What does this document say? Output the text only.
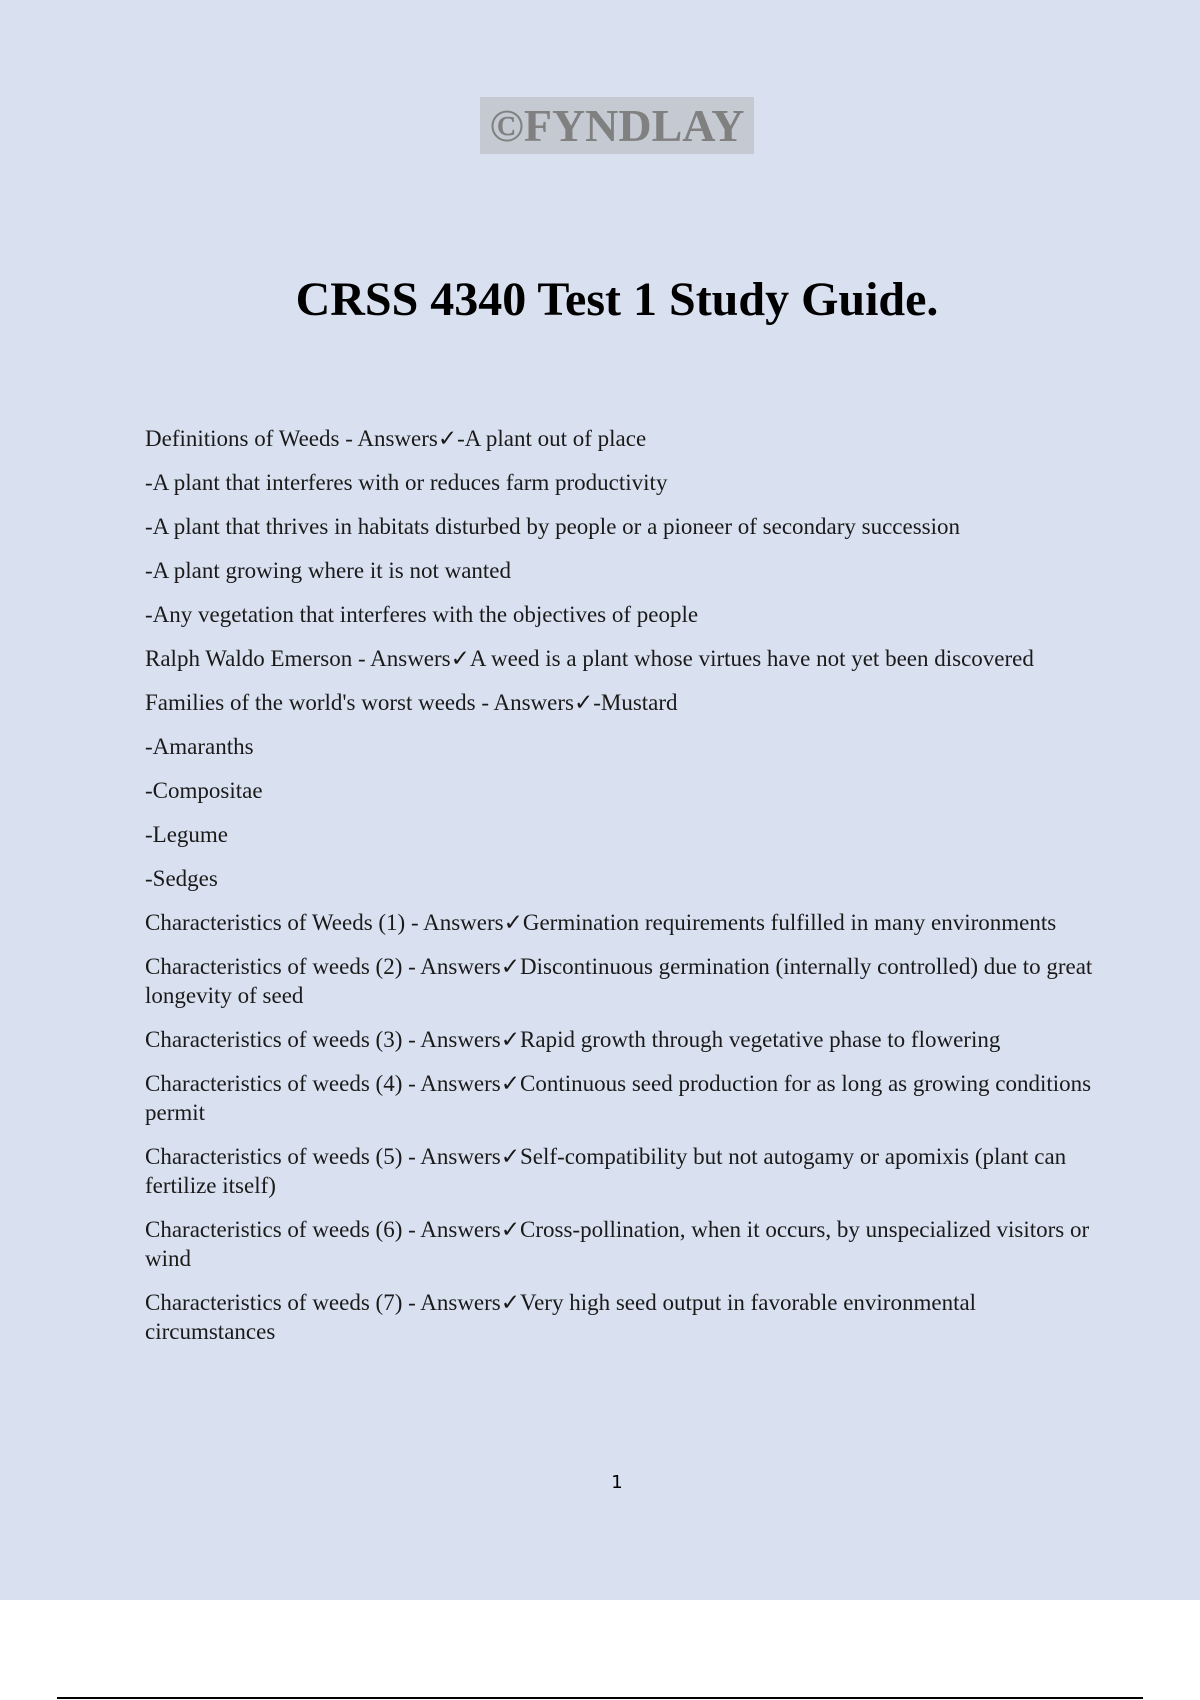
©FYNDLAY
CRSS 4340 Test 1 Study Guide.
Definitions of Weeds - Answers✓-A plant out of place
-A plant that interferes with or reduces farm productivity
-A plant that thrives in habitats disturbed by people or a pioneer of secondary succession
-A plant growing where it is not wanted
-Any vegetation that interferes with the objectives of people
Ralph Waldo Emerson - Answers✓A weed is a plant whose virtues have not yet been discovered
Families of the world's worst weeds - Answers✓-Mustard
-Amaranths
-Compositae
-Legume
-Sedges
Characteristics of Weeds (1) - Answers✓Germination requirements fulfilled in many environments
Characteristics of weeds (2) - Answers✓Discontinuous germination (internally controlled) due to great longevity of seed
Characteristics of weeds (3) - Answers✓Rapid growth through vegetative phase to flowering
Characteristics of weeds (4) - Answers✓Continuous seed production for as long as growing conditions permit
Characteristics of weeds (5) - Answers✓Self-compatibility but not autogamy or apomixis (plant can fertilize itself)
Characteristics of weeds (6) - Answers✓Cross-pollination, when it occurs, by unspecialized visitors or wind
Characteristics of weeds (7) - Answers✓Very high seed output in favorable environmental circumstances
1
